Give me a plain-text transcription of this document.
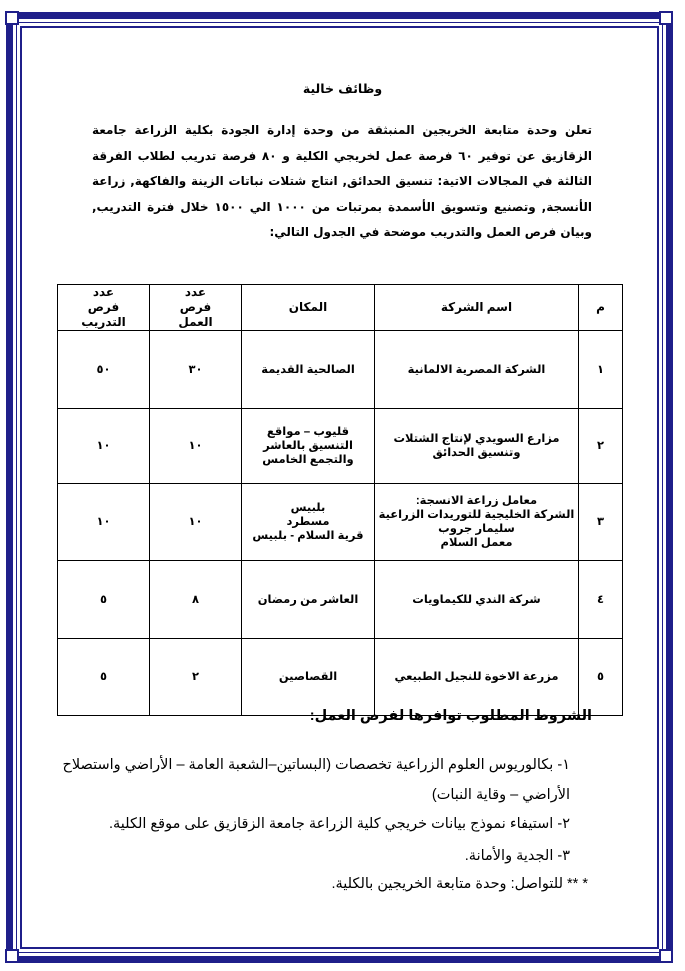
وظائف خالية
تعلن وحدة متابعة الخريجين المنبثقة من وحدة إدارة الجودة بكلية الزراعة جامعة الزقازيق عن توفير ٦٠ فرصة عمل لخريجي الكلية و ٨٠ فرصة تدريب لطلاب الفرقة الثالثة في المجالات الاتية: تنسيق الحدائق, انتاج شتلات نباتات الزينة والفاكهة, زراعة الأنسجة, وتصنيع وتسويق الأسمدة بمرتبات من ١٠٠٠ الي ١٥٠٠ خلال فترة التدريب, وبيان فرص العمل والتدريب موضحة في الجدول التالي:
م	اسم الشركة	المكان	عدد فرص العمل	عدد فرص التدريب
١	الشركة المصرية الالمانية	الصالحية القديمة	٣٠	٥٠
٢	مزارع السويدي لإنتاج الشتلات وتنسيق الحدائق	قليوب – مواقع التنسيق بالعاشر والتجمع الخامس	١٠	١٠
٣	معامل زراعة الانسجة:
الشركة الخليجية للتوريدات الزراعية
سليمار جروب
معمل السلام	بلبيس
مسطرد
قرية السلام - بلبيس	١٠	١٠
٤	شركة الندي للكيماويات	العاشر من رمضان	٨	٥
٥	مزرعة الاخوة للنجيل الطبيعي	القصاصين	٢	٥
الشروط المطلوب توافرها لفرص العمل:
١- بكالوريوس العلوم الزراعية تخصصات (البساتين–الشعبة العامة – الأراضي واستصلاح الأراضي – وقاية النبات)
٢- استيفاء نموذج بيانات خريجي كلية الزراعة جامعة الزقازيق على موقع الكلية.
٣- الجدية والأمانة.
* ** للتواصل: وحدة متابعة الخريجين بالكلية.
